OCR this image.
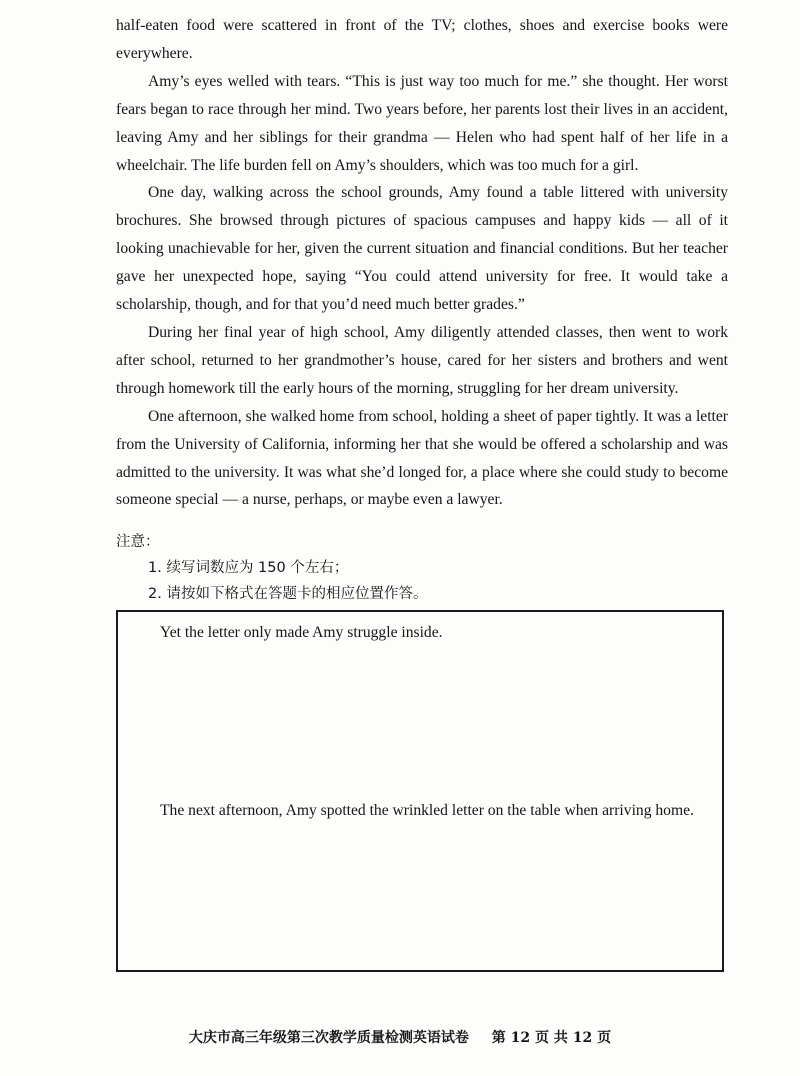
half-eaten food were scattered in front of the TV; clothes, shoes and exercise books were everywhere.

Amy’s eyes welled with tears. “This is just way too much for me.” she thought. Her worst fears began to race through her mind. Two years before, her parents lost their lives in an accident, leaving Amy and her siblings for their grandma — Helen who had spent half of her life in a wheelchair. The life burden fell on Amy’s shoulders, which was too much for a girl.

One day, walking across the school grounds, Amy found a table littered with university brochures. She browsed through pictures of spacious campuses and happy kids — all of it looking unachievable for her, given the current situation and financial conditions. But her teacher gave her unexpected hope, saying “You could attend university for free. It would take a scholarship, though, and for that you’d need much better grades.”

During her final year of high school, Amy diligently attended classes, then went to work after school, returned to her grandmother’s house, cared for her sisters and brothers and went through homework till the early hours of the morning, struggling for her dream university.

One afternoon, she walked home from school, holding a sheet of paper tightly. It was a letter from the University of California, informing her that she would be offered a scholarship and was admitted to the university. It was what she’d longed for, a place where she could study to become someone special — a nurse, perhaps, or maybe even a lawyer.

注意：

1. 续写词数应为 150 个左右；

2. 请按如下格式在答题卡的相应位置作答。

Yet the letter only made Amy struggle inside.

The next afternoon, Amy spotted the wrinkled letter on the table when arriving home.

大庆市高三年级第三次教学质量检测英语试卷 第 12 页 共 12 页
